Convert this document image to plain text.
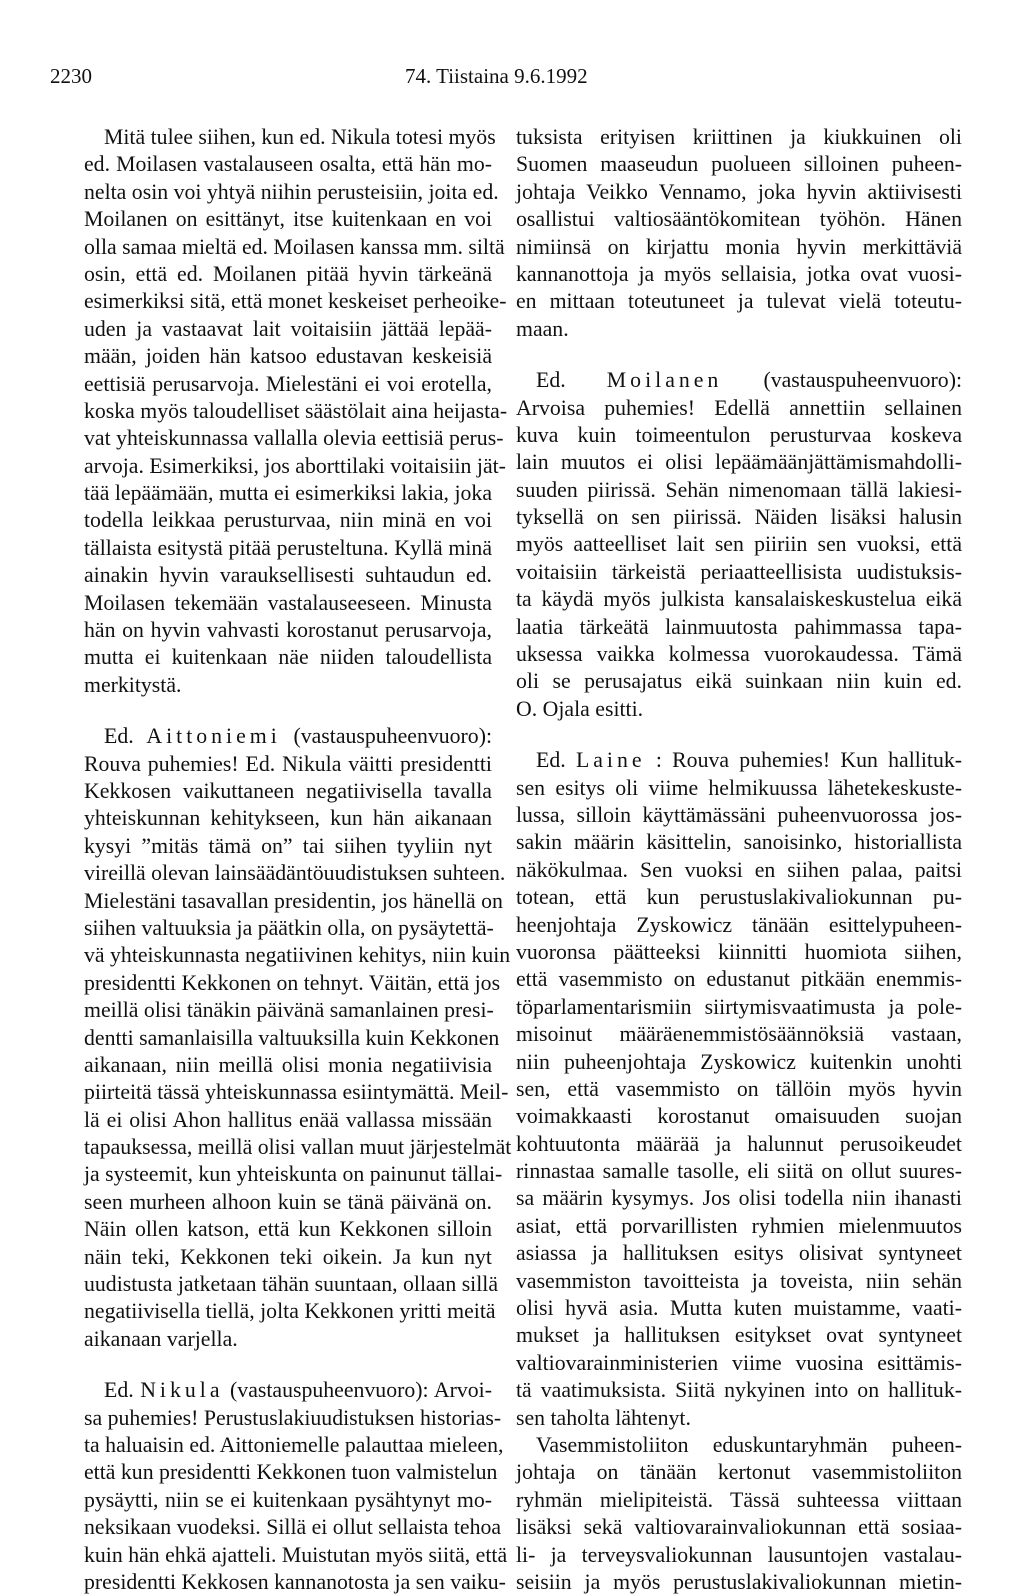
2230	74. Tiistaina 9.6.1992
Mitä tulee siihen, kun ed. Nikula totesi myös
ed. Moilasen vastalauseen osalta, että hän mo-
nelta osin voi yhtyä niihin perusteisiin, joita ed.
Moilanen on esittänyt, itse kuitenkaan en voi
olla samaa mieltä ed. Moilasen kanssa mm. siltä
osin, että ed. Moilanen pitää hyvin tärkeänä
esimerkiksi sitä, että monet keskeiset perheoike-
uden ja vastaavat lait voitaisiin jättää lepää-
mään, joiden hän katsoo edustavan keskeisiä
eettisiä perusarvoja. Mielestäni ei voi erotella,
koska myös taloudelliset säästölait aina heijasta-
vat yhteiskunnassa vallalla olevia eettisiä perus-
arvoja. Esimerkiksi, jos aborttilaki voitaisiin jät-
tää lepäämään, mutta ei esimerkiksi lakia, joka
todella leikkaa perusturvaa, niin minä en voi
tällaista esitystä pitää perusteltuna. Kyllä minä
ainakin hyvin varauksellisesti suhtaudun ed.
Moilasen tekemään vastalauseeseen. Minusta
hän on hyvin vahvasti korostanut perusarvoja,
mutta ei kuitenkaan näe niiden taloudellista
merkitystä.
Ed. Aittoniemi (vastauspuheenvuoro):
Rouva puhemies! Ed. Nikula väitti presidentti
Kekkosen vaikuttaneen negatiivisella tavalla
yhteiskunnan kehitykseen, kun hän aikanaan
kysyi ”mitäs tämä on” tai siihen tyyliin nyt
vireillä olevan lainsäädäntöuudistuksen suhteen.
Mielestäni tasavallan presidentin, jos hänellä on
siihen valtuuksia ja päätkin olla, on pysäytettä-
vä yhteiskunnasta negatiivinen kehitys, niin kuin
presidentti Kekkonen on tehnyt. Väitän, että jos
meillä olisi tänäkin päivänä samanlainen presi-
dentti samanlaisilla valtuuksilla kuin Kekkonen
aikanaan, niin meillä olisi monia negatiivisia
piirteitä tässä yhteiskunnassa esiintymättä. Meil-
lä ei olisi Ahon hallitus enää vallassa missään
tapauksessa, meillä olisi vallan muut järjestelmät
ja systeemit, kun yhteiskunta on painunut tällai-
seen murheen alhoon kuin se tänä päivänä on.
Näin ollen katson, että kun Kekkonen silloin
näin teki, Kekkonen teki oikein. Ja kun nyt
uudistusta jatketaan tähän suuntaan, ollaan sillä
negatiivisella tiellä, jolta Kekkonen yritti meitä
aikanaan varjella.
Ed. Nikula (vastauspuheenvuoro): Arvoi-
sa puhemies! Perustuslakiuudistuksen historias-
ta haluaisin ed. Aittoniemelle palauttaa mieleen,
että kun presidentti Kekkonen tuon valmistelun
pysäytti, niin se ei kuitenkaan pysähtynyt mo-
neksikaan vuodeksi. Sillä ei ollut sellaista tehoa
kuin hän ehkä ajatteli. Muistutan myös siitä, että
presidentti Kekkosen kannanotosta ja sen vaiku-
tuksista erityisen kriittinen ja kiukkuinen oli
Suomen maaseudun puolueen silloinen puheen-
johtaja Veikko Vennamo, joka hyvin aktiivisesti
osallistui valtiosääntökomitean työhön. Hänen
nimiinsä on kirjattu monia hyvin merkittäviä
kannanottoja ja myös sellaisia, jotka ovat vuosi-
en mittaan toteutuneet ja tulevat vielä toteutu-
maan.
Ed. Moilanen (vastauspuheenvuoro):
Arvoisa puhemies! Edellä annettiin sellainen
kuva kuin toimeentulon perusturvaa koskeva
lain muutos ei olisi lepäämäänjättämismahdolli-
suuden piirissä. Sehän nimenomaan tällä lakiesi-
tyksellä on sen piirissä. Näiden lisäksi halusin
myös aatteelliset lait sen piiriin sen vuoksi, että
voitaisiin tärkeistä periaatteellisista uudistuksis-
ta käydä myös julkista kansalaiskeskustelua eikä
laatia tärkeätä lainmuutosta pahimmassa tapa-
uksessa vaikka kolmessa vuorokaudessa. Tämä
oli se perusajatus eikä suinkaan niin kuin ed.
O. Ojala esitti.
Ed. Laine : Rouva puhemies! Kun hallituk-
sen esitys oli viime helmikuussa lähetekeskuste-
lussa, silloin käyttämässäni puheenvuorossa jos-
sakin määrin käsittelin, sanoisinko, historiallista
näkökulmaa. Sen vuoksi en siihen palaa, paitsi
totean, että kun perustuslakivaliokunnan pu-
heenjohtaja Zyskowicz tänään esittelypuheen-
vuoronsa päätteeksi kiinnitti huomiota siihen,
että vasemmisto on edustanut pitkään enemmis-
töparlamentarismiin siirtymisvaatimusta ja pole-
misoinut määräenemmistösäännöksiä vastaan,
niin puheenjohtaja Zyskowicz kuitenkin unohti
sen, että vasemmisto on tällöin myös hyvin
voimakkaasti korostanut omaisuuden suojan
kohtuutonta määrää ja halunnut perusoikeudet
rinnastaa samalle tasolle, eli siitä on ollut suures-
sa määrin kysymys. Jos olisi todella niin ihanasti
asiat, että porvarillisten ryhmien mielenmuutos
asiassa ja hallituksen esitys olisivat syntyneet
vasemmiston tavoitteista ja toveista, niin sehän
olisi hyvä asia. Mutta kuten muistamme, vaati-
mukset ja hallituksen esitykset ovat syntyneet
valtiovarainministerien viime vuosina esittämis-
tä vaatimuksista. Siitä nykyinen into on hallituk-
sen taholta lähtenyt.
Vasemmistoliiton eduskuntaryhmän puheen-
johtaja on tänään kertonut vasemmistoliiton
ryhmän mielipiteistä. Tässä suhteessa viittaan
lisäksi sekä valtiovarainvaliokunnan että sosiaa-
li- ja terveysvaliokunnan lausuntojen vastalau-
seisiin ja myös perustuslakivaliokunnan mietin-
